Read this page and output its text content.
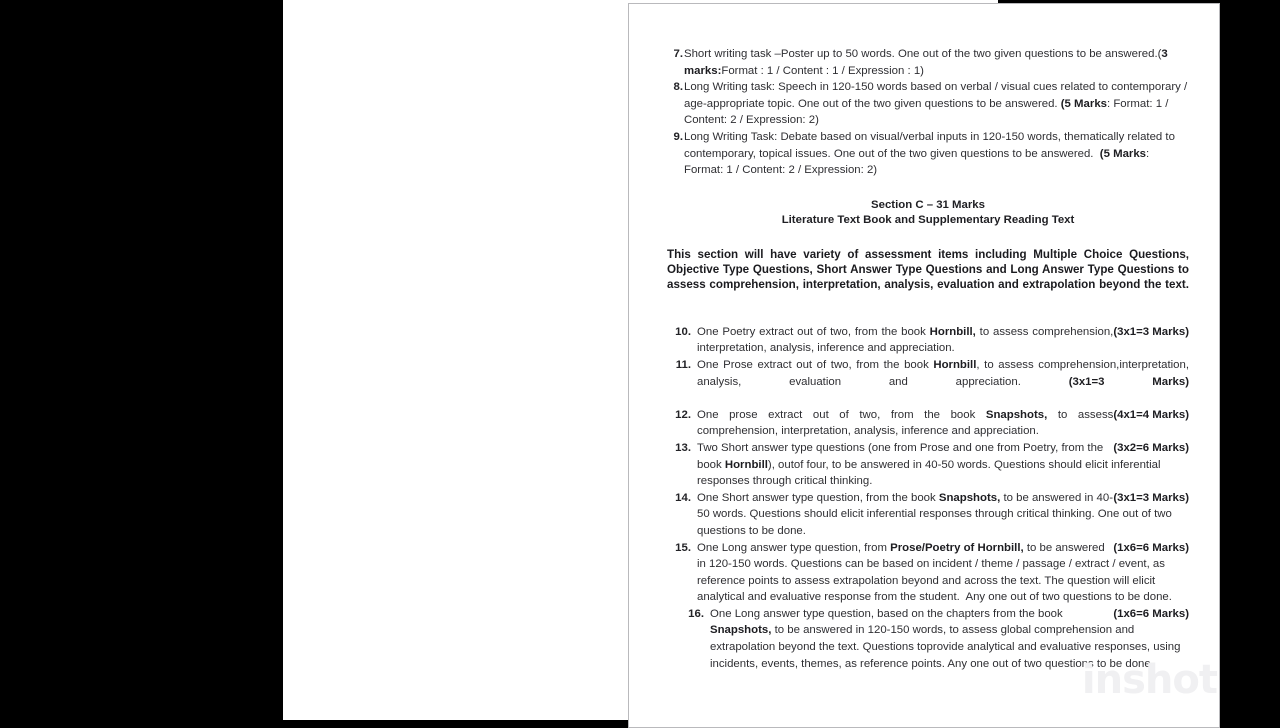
7. Short writing task –Poster up to 50 words. One out of the two given questions to be answered.(3 marks:Format : 1 / Content : 1 / Expression : 1)
8. Long Writing task: Speech in 120-150 words based on verbal / visual cues related to contemporary / age-appropriate topic. One out of the two given questions to be answered. (5 Marks: Format: 1 / Content: 2 / Expression: 2)
9. Long Writing Task: Debate based on visual/verbal inputs in 120-150 words, thematically related to contemporary, topical issues. One out of the two given questions to be answered.  (5 Marks: Format: 1 / Content: 2 / Expression: 2)
Section C – 31 Marks
Literature Text Book and Supplementary Reading Text
This section will have variety of assessment items including Multiple Choice Questions, Objective Type Questions, Short Answer Type Questions and Long Answer Type Questions to assess comprehension, interpretation, analysis, evaluation and extrapolation beyond the text.
10.	(3x1=3 Marks)
One Poetry extract out of two, from the book Hornbill, to assess comprehension, interpretation, analysis, inference and appreciation.
11. One Prose extract out of two, from the book Hornbill, to assess comprehension,interpretation, analysis, evaluation and appreciation. (3x1=3 Marks)
12.	(4x1=4 Marks)
One prose extract out of two, from the book Snapshots, to assess comprehension, interpretation, analysis, inference and appreciation.
13.	(3x2=6 Marks)
Two Short answer type questions (one from Prose and one from Poetry, from the book Hornbill), outof four, to be answered in 40-50 words. Questions should elicit inferential responses through critical thinking.
14.	(3x1=3 Marks)
One Short answer type question, from the book Snapshots, to be answered in 40- 50 words. Questions should elicit inferential responses through critical thinking. One out of two questions to be done.
15.	(1x6=6 Marks)
One Long answer type question, from Prose/Poetry of Hornbill, to be answered in 120-150 words. Questions can be based on incident / theme / passage / extract / event, as reference points to assess extrapolation beyond and across the text. The question will elicit analytical and evaluative response from the student.  Any one out of two questions to be done.
16.	(1x6=6 Marks)
One Long answer type question, based on the chapters from the book Snapshots, to be answered in 120-150 words, to assess global comprehension and extrapolation beyond the text. Questions toprovide analytical and evaluative responses, using incidents, events, themes, as reference points. Any one out of two questions to be done.
inshot
